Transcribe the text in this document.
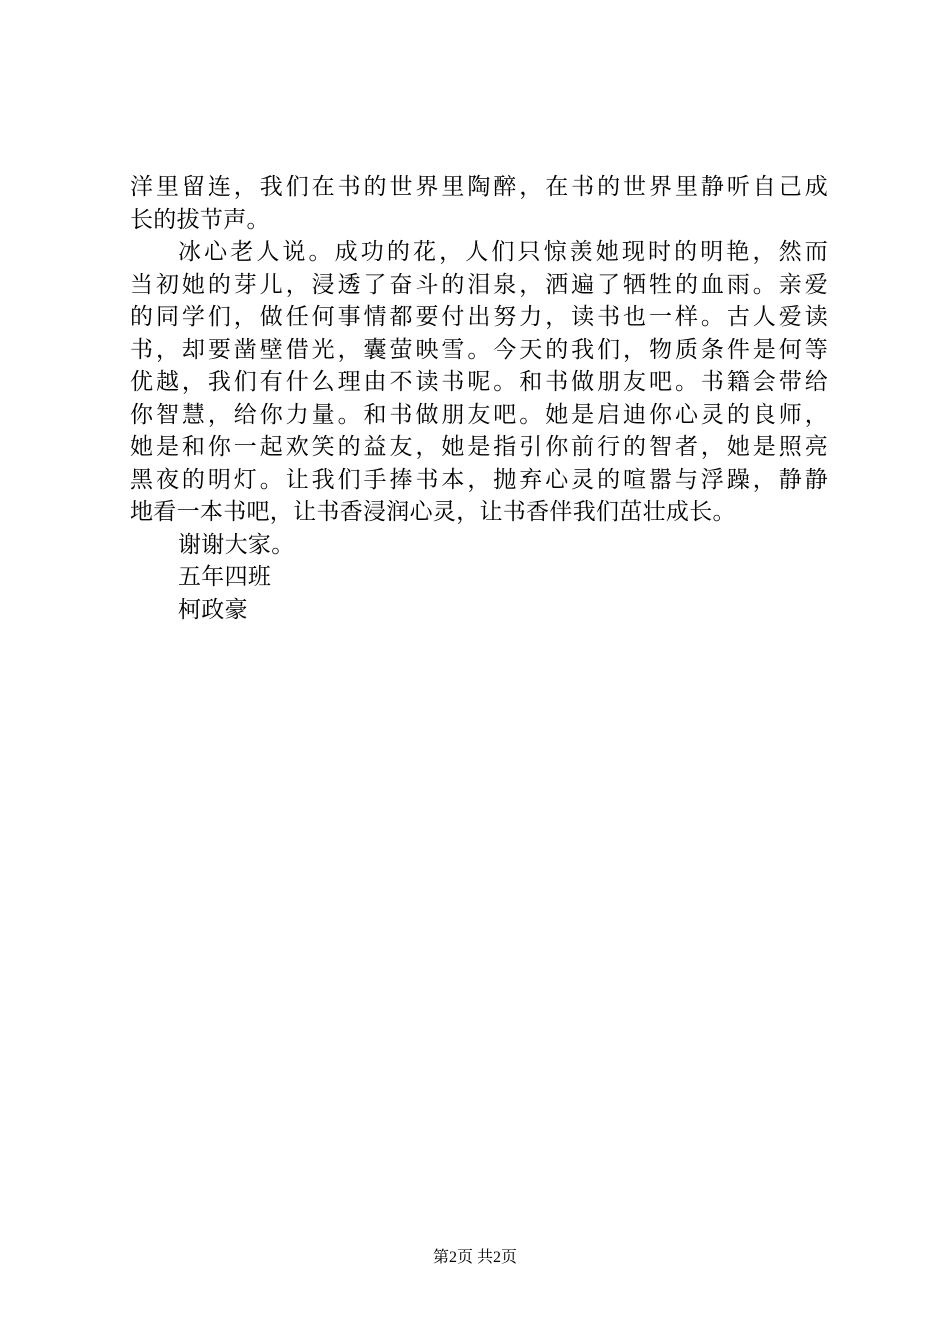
洋里留连，我们在书的世界里陶醉，在书的世界里静听自己成
长的拔节声。
冰心老人说。成功的花，人们只惊羡她现时的明艳，然而
当初她的芽儿，浸透了奋斗的泪泉，洒遍了牺牲的血雨。亲爱
的同学们，做任何事情都要付出努力，读书也一样。古人爱读
书，却要凿壁借光，囊萤映雪。今天的我们，物质条件是何等
优越，我们有什么理由不读书呢。和书做朋友吧。书籍会带给
你智慧，给你力量。和书做朋友吧。她是启迪你心灵的良师，
她是和你一起欢笑的益友，她是指引你前行的智者，她是照亮
黑夜的明灯。让我们手捧书本，抛弃心灵的喧嚣与浮躁，静静
地看一本书吧，让书香浸润心灵，让书香伴我们茁壮成长。
谢谢大家。
五年四班
柯政豪
第2页 共2页
